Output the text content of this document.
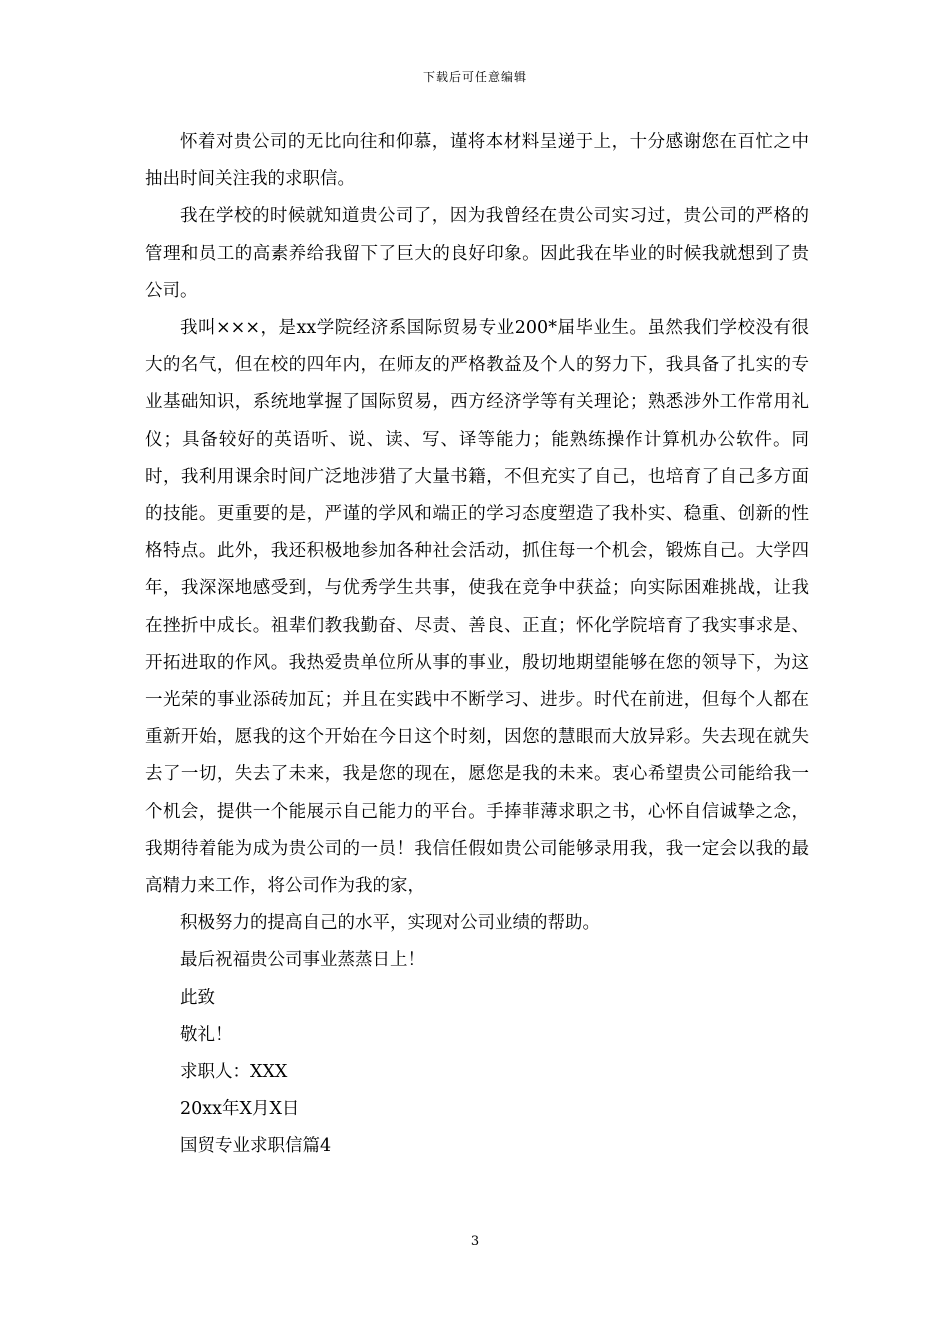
下载后可任意编辑

怀着对贵公司的无比向往和仰慕，谨将本材料呈递于上，十分感谢您在百忙之中抽出时间关注我的求职信。

我在学校的时候就知道贵公司了，因为我曾经在贵公司实习过，贵公司的严格的管理和员工的高素养给我留下了巨大的良好印象。因此我在毕业的时候我就想到了贵公司。

我叫×××，是xx学院经济系国际贸易专业200*届毕业生。虽然我们学校没有很大的名气，但在校的四年内，在师友的严格教益及个人的努力下，我具备了扎实的专业基础知识，系统地掌握了国际贸易，西方经济学等有关理论；熟悉涉外工作常用礼仪；具备较好的英语听、说、读、写、译等能力；能熟练操作计算机办公软件。同时，我利用课余时间广泛地涉猎了大量书籍，不但充实了自己，也培育了自己多方面的技能。更重要的是，严谨的学风和端正的学习态度塑造了我朴实、稳重、创新的性格特点。此外，我还积极地参加各种社会活动，抓住每一个机会，锻炼自己。大学四年，我深深地感受到，与优秀学生共事，使我在竞争中获益；向实际困难挑战，让我在挫折中成长。祖辈们教我勤奋、尽责、善良、正直；怀化学院培育了我实事求是、开拓进取的作风。我热爱贵单位所从事的事业，殷切地期望能够在您的领导下，为这一光荣的事业添砖加瓦；并且在实践中不断学习、进步。时代在前进，但每个人都在重新开始，愿我的这个开始在今日这个时刻，因您的慧眼而大放异彩。失去现在就失去了一切，失去了未来，我是您的现在，愿您是我的未来。衷心希望贵公司能给我一个机会，提供一个能展示自己能力的平台。手捧菲薄求职之书，心怀自信诚挚之念，我期待着能为成为贵公司的一员！我信任假如贵公司能够录用我，我一定会以我的最高精力来工作，将公司作为我的家，

积极努力的提高自己的水平，实现对公司业绩的帮助。

最后祝福贵公司事业蒸蒸日上！

此致

敬礼！

求职人：XXX

20xx年X月X日

国贸专业求职信篇4

3
